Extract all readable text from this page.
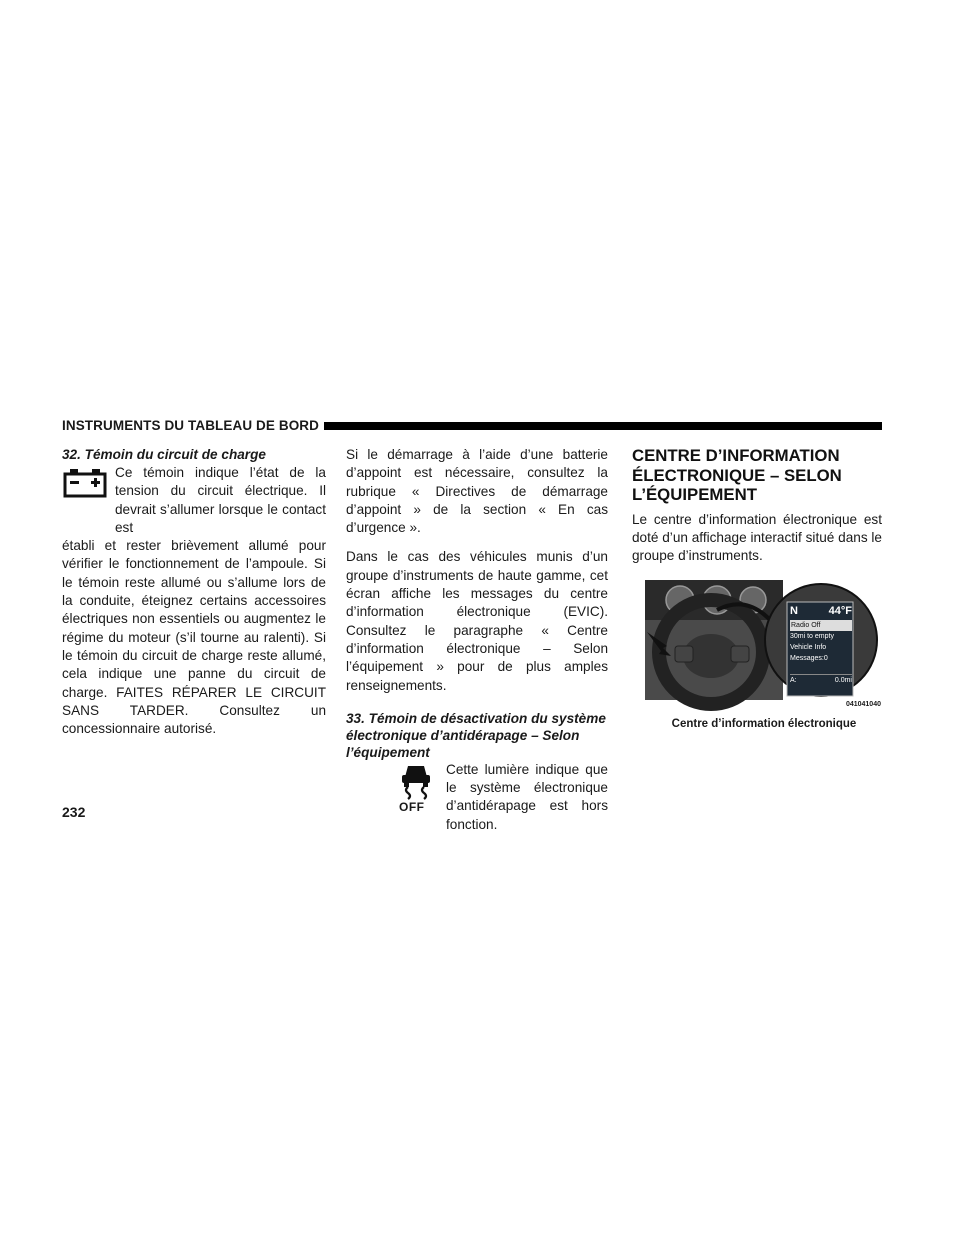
INSTRUMENTS DU TABLEAU DE BORD
32. Témoin du circuit de charge
Ce témoin indique l’état de la tension du circuit électrique. Il devrait s’allumer lorsque le contact est

établi et rester brièvement allumé pour vérifier le fonctionnement de l’ampoule. Si le témoin reste allumé ou s’allume lors de la conduite, éteignez certains accessoires électriques non essentiels ou augmentez le régime du moteur (s’il tourne au ralenti). Si le témoin du circuit de charge reste allumé, cela indique une panne du circuit de charge. FAITES RÉPARER LE CIRCUIT SANS TARDER. Consultez un concessionnaire autorisé.

Si le démarrage à l’aide d’une batterie d’appoint est nécessaire, consultez la rubrique « Directives de démarrage d’appoint » de la section « En cas d’urgence ».

Dans le cas des véhicules munis d’un groupe d’instruments de haute gamme, cet écran affiche les messages du centre d’information électronique (EVIC). Consultez le paragraphe « Centre d’information électronique – Selon l’équipement » pour de plus amples renseignements.

33. Témoin de désactivation du système électronique d’antidérapage – Selon l’équipement
OFF
Cette lumière indique que le système électronique d’antidérapage est hors fonction.
CENTRE D’INFORMATION ÉLECTRONIQUE – SELON L’ÉQUIPEMENT

Le centre d’information électronique est doté d’un affichage interactif situé dans le groupe d’instruments.

N	44°F
Radio Off
30mi to empty
Vehicle Info
Messages:0
A:	0.0mi
041041040
Centre d’information électronique
232
